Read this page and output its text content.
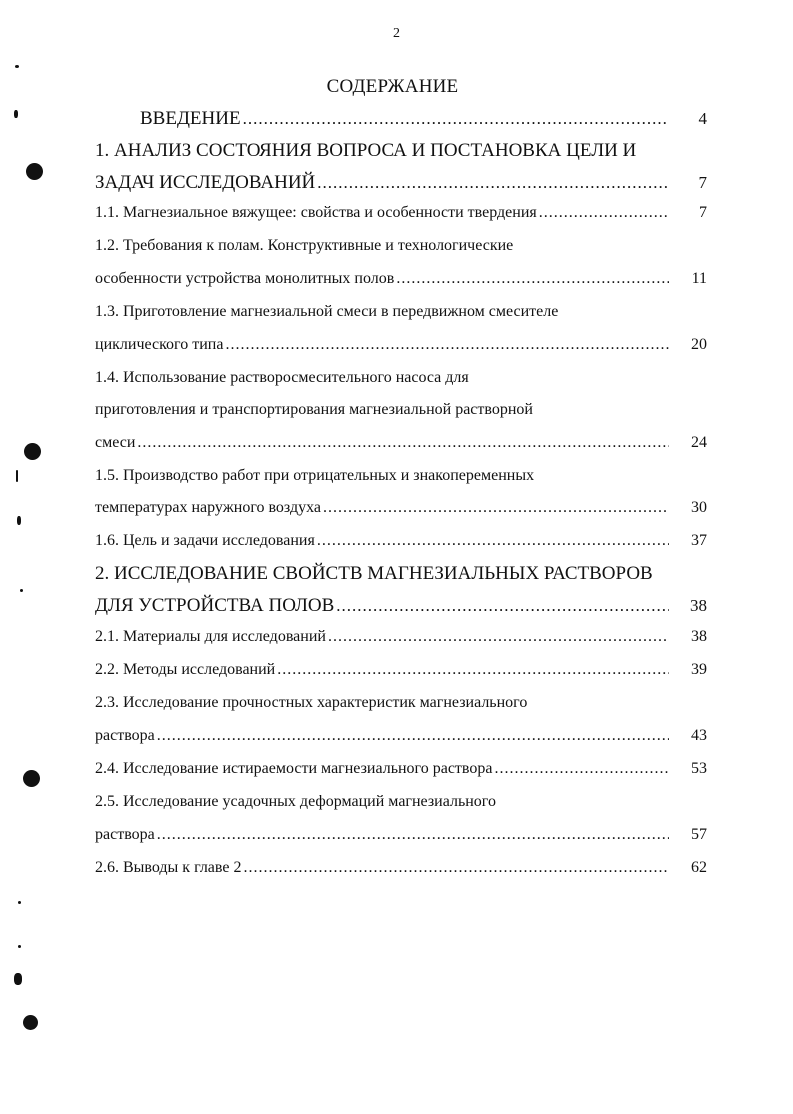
2
СОДЕРЖАНИЕ
ВВЕДЕНИЕ .....	4
1. АНАЛИЗ СОСТОЯНИЯ ВОПРОСА И ПОСТАНОВКА ЦЕЛИ И
ЗАДАЧ ИССЛЕДОВАНИЙ .....	7
1.1. Магнезиальное вяжущее: свойства и особенности твердения .....	7
1.2. Требования к полам. Конструктивные и технологические
особенности устройства монолитных полов .....	11
1.3. Приготовление магнезиальной смеси в передвижном смесителе
циклического типа .....	20
1.4. Использование растворосмесительного насоса для
приготовления и транспортирования магнезиальной растворной
смеси .....	24
1.5. Производство работ при отрицательных и знакопеременных
температурах наружного воздуха .....	30
1.6. Цель и задачи исследования .....	37
2. ИССЛЕДОВАНИЕ СВОЙСТВ МАГНЕЗИАЛЬНЫХ РАСТВОРОВ
ДЛЯ УСТРОЙСТВА ПОЛОВ .....	38
2.1. Материалы для исследований .....	38
2.2. Методы исследований .....	39
2.3. Исследование прочностных характеристик магнезиального
раствора .....	43
2.4. Исследование истираемости магнезиального раствора .....	53
2.5. Исследование усадочных деформаций магнезиального
раствора .....	57
2.6. Выводы к главе 2 .....	62
